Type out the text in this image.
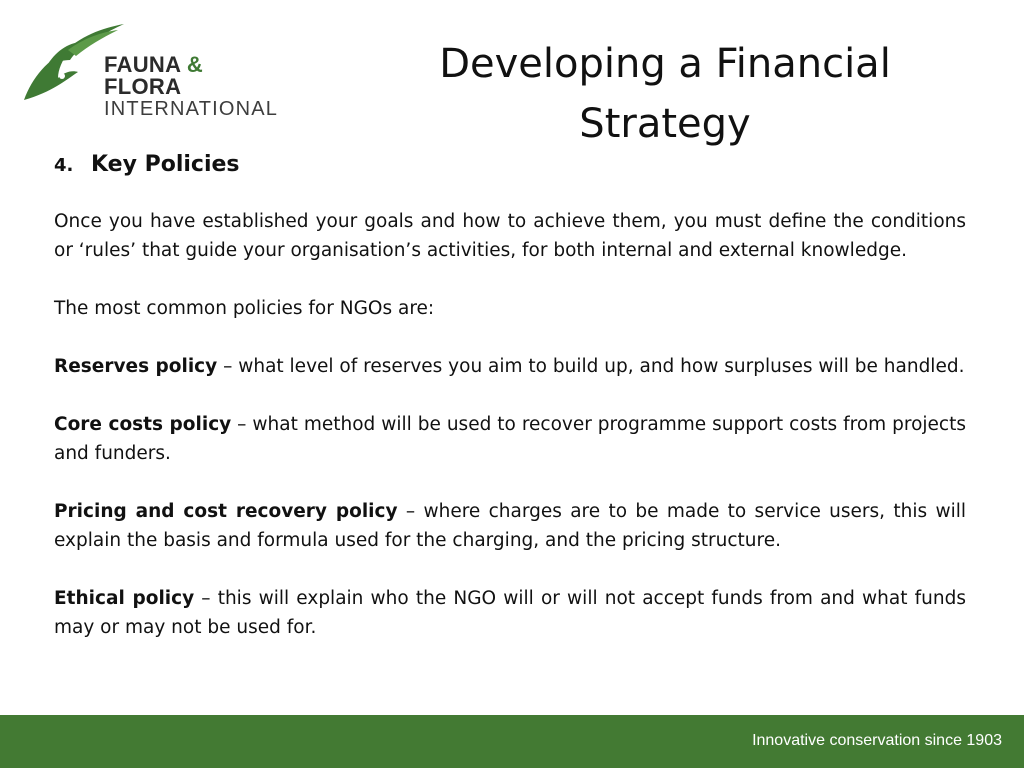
FAUNA & FLORA
INTERNATIONAL
Developing a Financial
Strategy
4. Key Policies

Once you have established your goals and how to achieve them, you must define the conditions or ‘rules’ that guide your organisation’s activities, for both internal and external knowledge.

The most common policies for NGOs are:

Reserves policy – what level of reserves you aim to build up, and how surpluses will be handled.

Core costs policy – what method will be used to recover programme support costs from projects and funders.

Pricing and cost recovery policy – where charges are to be made to service users, this will explain the basis and formula used for the charging, and the pricing structure.

Ethical policy – this will explain who the NGO will or will not accept funds from and what funds may or may not be used for.

Innovative conservation since 1903
